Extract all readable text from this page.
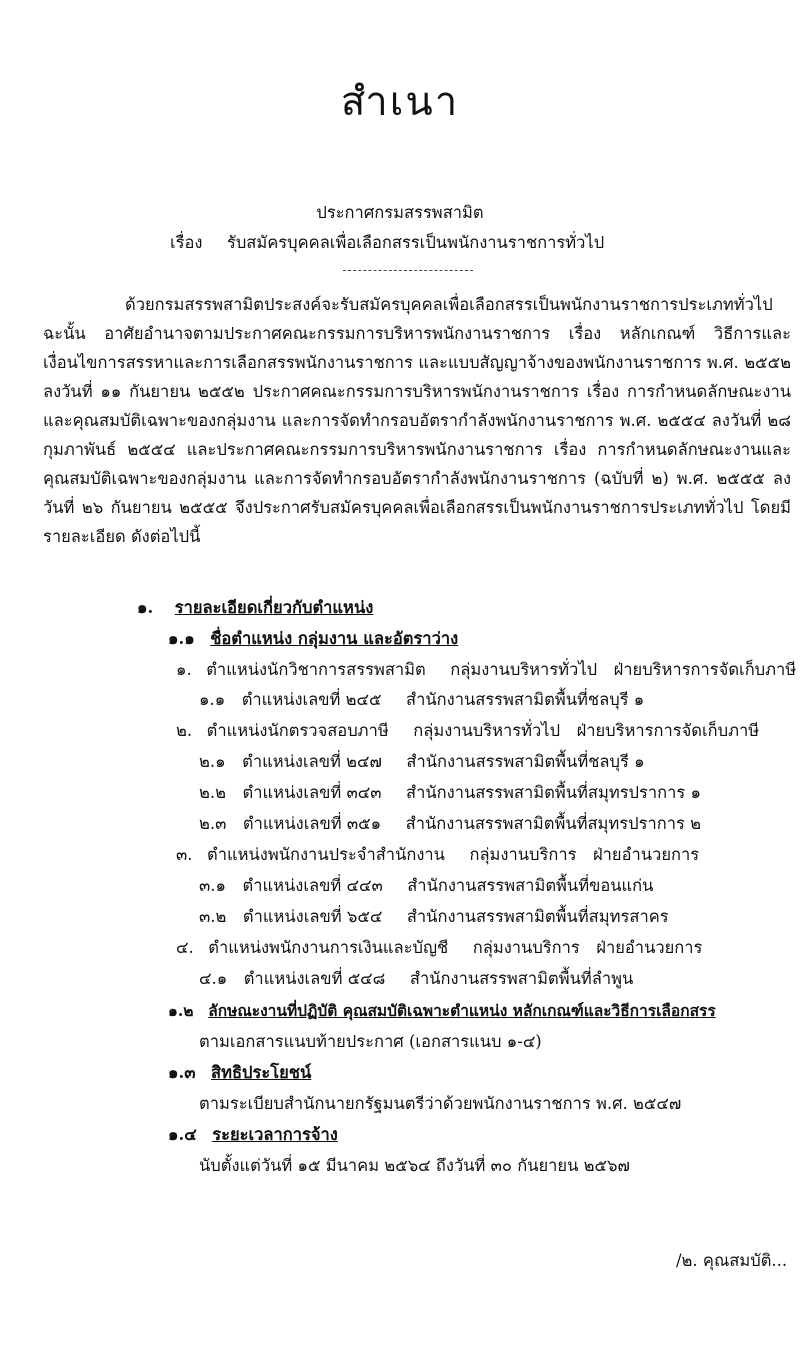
สำเนา
ประกาศกรมสรรพสามิต
เรื่อง รับสมัครบุคคลเพื่อเลือกสรรเป็นพนักงานราชการทั่วไป
ด้วยกรมสรรพสามิตประสงค์จะรับสมัครบุคคลเพื่อเลือกสรรเป็นพนักงานราชการประเภททั่วไป ฉะนั้น อาศัยอำนาจตามประกาศคณะกรรมการบริหารพนักงานราชการ เรื่อง หลักเกณฑ์ วิธีการและเงื่อนไขการสรรหาและการเลือกสรรพนักงานราชการ และแบบสัญญาจ้างของพนักงานราชการ พ.ศ. ๒๕๕๒ ลงวันที่ ๑๑ กันยายน ๒๕๕๒ ประกาศคณะกรรมการบริหารพนักงานราชการ เรื่อง การกำหนดลักษณะงานและคุณสมบัติเฉพาะของกลุ่มงาน และการจัดทำกรอบอัตรากำลังพนักงานราชการ พ.ศ. ๒๕๕๔ ลงวันที่ ๒๘ กุมภาพันธ์ ๒๕๕๔ และประกาศคณะกรรมการบริหารพนักงานราชการ เรื่อง การกำหนดลักษณะงานและคุณสมบัติเฉพาะของกลุ่มงาน และการจัดทำกรอบอัตรากำลังพนักงานราชการ (ฉบับที่ ๒) พ.ศ. ๒๕๕๕ ลงวันที่ ๒๖ กันยายน ๒๕๕๕ จึงประกาศรับสมัครบุคคลเพื่อเลือกสรรเป็นพนักงานราชการประเภททั่วไป โดยมีรายละเอียด ดังต่อไปนี้
๑. รายละเอียดเกี่ยวกับตำแหน่ง
๑.๑ ชื่อตำแหน่ง กลุ่มงาน และอัตราว่าง
๑. ตำแหน่งนักวิชาการสรรพสามิต กลุ่มงานบริหารทั่วไป ฝ่ายบริหารการจัดเก็บภาษี
๑.๑ ตำแหน่งเลขที่ ๒๔๕ สำนักงานสรรพสามิตพื้นที่ชลบุรี ๑
๒. ตำแหน่งนักตรวจสอบภาษี กลุ่มงานบริหารทั่วไป ฝ่ายบริหารการจัดเก็บภาษี
๒.๑ ตำแหน่งเลขที่ ๒๔๗ สำนักงานสรรพสามิตพื้นที่ชลบุรี ๑
๒.๒ ตำแหน่งเลขที่ ๓๔๓ สำนักงานสรรพสามิตพื้นที่สมุทรปราการ ๑
๒.๓ ตำแหน่งเลขที่ ๓๕๑ สำนักงานสรรพสามิตพื้นที่สมุทรปราการ ๒
๓. ตำแหน่งพนักงานประจำสำนักงาน กลุ่มงานบริการ ฝ่ายอำนวยการ
๓.๑ ตำแหน่งเลขที่ ๔๔๓ สำนักงานสรรพสามิตพื้นที่ขอนแก่น
๓.๒ ตำแหน่งเลขที่ ๖๕๔ สำนักงานสรรพสามิตพื้นที่สมุทรสาคร
๔. ตำแหน่งพนักงานการเงินและบัญชี กลุ่มงานบริการ ฝ่ายอำนวยการ
๔.๑ ตำแหน่งเลขที่ ๕๔๘ สำนักงานสรรพสามิตพื้นที่ลำพูน
๑.๒ ลักษณะงานที่ปฏิบัติ คุณสมบัติเฉพาะตำแหน่ง หลักเกณฑ์และวิธีการเลือกสรร
ตามเอกสารแนบท้ายประกาศ (เอกสารแนบ ๑-๔)
๑.๓ สิทธิประโยชน์
ตามระเบียบสำนักนายกรัฐมนตรีว่าด้วยพนักงานราชการ พ.ศ. ๒๕๔๗
๑.๔ ระยะเวลาการจ้าง
นับตั้งแต่วันที่ ๑๕ มีนาคม ๒๕๖๔ ถึงวันที่ ๓๐ กันยายน ๒๕๖๗
/๒. คุณสมบัติ...
